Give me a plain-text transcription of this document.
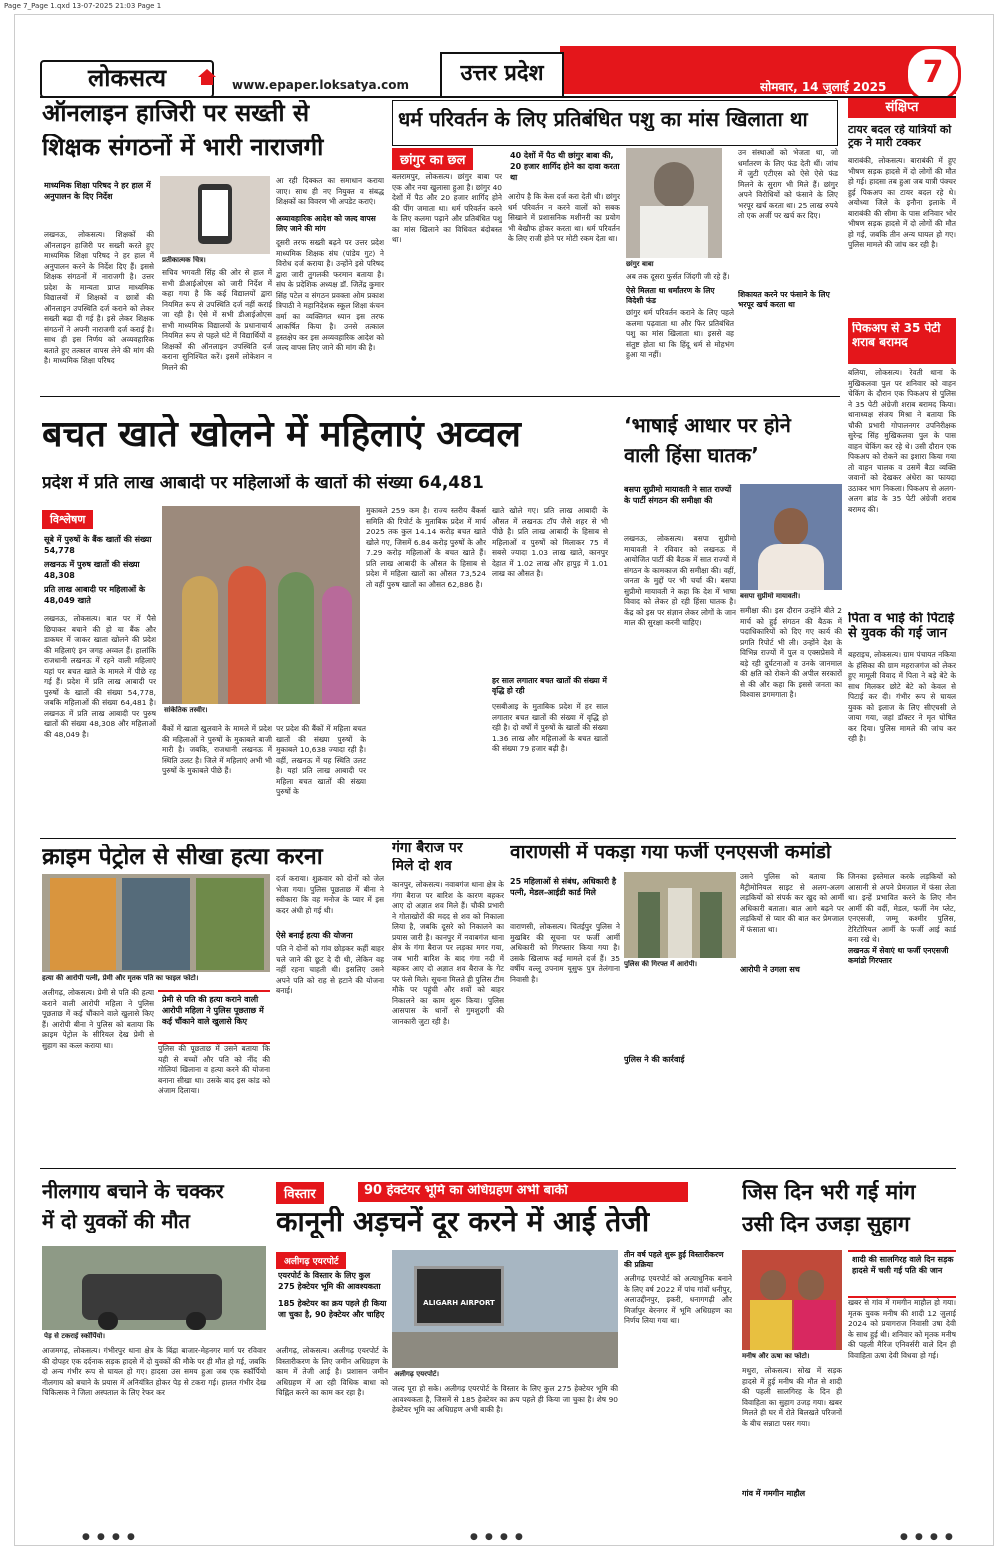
Page 7_Page 1.qxd 13-07-2025 21:03 Page 1
लोकसत्य	www.epaper.loksatya.com	उत्तर प्रदेश
सोमवार, 14 जुलाई 2025	7
ऑनलाइन हाजिरी पर सख्ती से
शिक्षक संगठनों में भारी नाराजगी
माध्यमिक शिक्षा परिषद ने हर हाल में अनुपालन के दिए निर्देश
प्रतीकात्मक चित्र।
लखनऊ, लोकसत्य। शिक्षकों की ऑनलाइन हाजिरी पर सख्ती करते हुए माध्यमिक शिक्षा परिषद ने हर हाल में अनुपालन करने के निर्देश दिए हैं। इससे शिक्षक संगठनों में नाराजगी है। उत्तर प्रदेश के मान्यता प्राप्त माध्यमिक विद्यालयों में शिक्षकों व छात्रों की ऑनलाइन उपस्थिति दर्ज कराने को लेकर सख्ती बढ़ा दी गई है। इसे लेकर शिक्षक संगठनों ने अपनी नाराजगी दर्ज कराई है। साथ ही इस निर्णय को अव्यवहारिक बताते हुए तत्काल वापस लेने की मांग की है। माध्यमिक शिक्षा परिषद
सचिव भगवती सिंह की ओर से हाल में सभी डीआईओएस को जारी निर्देश में कहा गया है कि कई विद्यालयों द्वारा नियमित रूप से उपस्थिति दर्ज नहीं कराई जा रही है। ऐसे में सभी डीआईओएस सभी माध्यमिक विद्यालयों के प्रधानाचार्य नियमित रूप से पहले घंटे में विद्यार्थियों व शिक्षकों की ऑनलाइन उपस्थिति दर्ज कराना सुनिश्चित करें। इसमें लोकेशन न मिलने की
आ रही दिक्कत का समाधान कराया जाए। साथ ही नए नियुक्त व संबद्ध शिक्षकों का विवरण भी अपडेट कराएं।
अव्यावहारिक आदेश को जल्द वापस लिए जाने की मांग
दूसरी तरफ सख्ती बढ़ने पर उत्तर प्रदेश माध्यमिक शिक्षक संघ (पांडेय गुट) ने विरोध दर्ज कराया है। उन्होंने इसे परिषद द्वारा जारी तुगलकी फरमान बताया है। संघ के प्रदेशिक अध्यक्ष डॉ. जितेंद्र कुमार सिंह पटेल व संगठन प्रवक्ता ओम प्रकाश त्रिपाठी ने महानिदेशक स्कूल शिक्षा कंचन वर्मा का व्यक्तिगत ध्यान इस तरफ आकर्षित किया है। उनसे तत्काल हस्तक्षेप कर इस अव्यवहारिक आदेश को जल्द वापस लिए जाने की मांग की है।
धर्म परिवर्तन के लिए प्रतिबंधित पशु का मांस खिलाता था
छांगुर का छल	40 देशों में पैठ थी छांगुर बाबा की, 20 हजार शार्गिद होने का दावा करता था
बलरामपुर, लोकसत्य। छांगुर बाबा पर एक और नया खुलासा हुआ है। छांगुर 40 देशों में पैठ और 20 हजार शार्गिद होने की पींग जमाता था। धर्म परिवर्तन करने के लिए कलमा पढ़ाने और प्रतिबंधित पशु का मांस खिलाने का विधिवत बंदोबस्त था।
आरोप है कि केस दर्ज करा देती थी। छांगुर धर्म परिवर्तन न करने वालों को सबक सिखाने में प्रशासनिक मशीनरी का प्रयोग भी बेखौफ होकर करता था। धर्म परिवर्तन के लिए राजी होने पर मोटी रकम देता था।
छांगुर बाबा
अब तक दूसरा फुर्सत जिंदगी जी रहे हैं।
ऐसे मिलता था धर्मांतरण के लिए विदेशी फंड
छांगुर धर्म परिवर्तन कराने के लिए पहले कलमा पढ़वाता था और फिर प्रतिबंधित पशु का मांस खिलाता था। इससे वह संतुष्ट होता था कि हिंदू धर्म से मोहभंग हुआ या नहीं।
उन संस्थाओं को भेजता था, जो धर्मांतरण के लिए फंड देती थीं। जांच में जुटी एटीएस को ऐसे ऐसे फंड मिलने के सुराग भी मिले हैं। छांगुर अपने विरोधियों को फंसाने के लिए भरपूर खर्च करता था। 25 लाख रुपये तो एक अर्जी पर खर्च कर दिए।
शिकायत करने पर फंसाने के लिए भरपूर खर्च करता था
संक्षिप्त
टायर बदल रहे यात्रियों को ट्रक ने मारी टक्कर
बाराबंकी, लोकसत्य। बाराबंकी में हुए भीषण सड़क हादसे में दो लोगों की मौत हो गई। हादसा तब हुआ जब यात्री पंक्चर हुई पिकअप का टायर बदल रहे थे। अयोध्या जिले के इनौना इलाके में बाराबंकी की सीमा के पास शनिवार भोर भीषण सड़क हादसे में दो लोगों की मौत हो गई, जबकि तीन अन्य घायल हो गए। पुलिस मामले की जांच कर रही है।
पिकअप से 35 पेटी शराब बरामद
बलिया, लोकसत्य। रेवती थाना के मुखिकलवा पुल पर शनिवार को वाहन चेकिंग के दौरान एक पिकअप से पुलिस ने 35 पेटी अंग्रेजी शराब बरामद किया। थानाध्यक्ष संजय मिश्रा ने बताया कि चौकी प्रभारी गोपालनगर उपनिरीक्षक सुरेन्द्र सिंह मुखिकलवा पुल के पास वाहन चेकिंग कर रहे थे। उसी दौरान एक पिकअप को रोकने का इशारा किया गया तो वाहन चालक व उसमें बैठा व्यक्ति जवानों को देखकर अंधेरा का फायदा उठाकर भाग निकला। पिकअप से अलग-अलग ब्रांड के 35 पेटी अंग्रेजी शराब बरामद की।
पिता व भाई की पिटाई से युवक की गई जान
बहराइच, लोकसत्य। ग्राम पंचायत नकिया के हंसिका की ग्राम महराजगंज को लेकर हुए मामूली विवाद में पिता ने बड़े बेटे के साथ मिलकर छोटे बेटे को केवल से पिटाई कर दी। गंभीर रूप से घायल युवक को इलाज के लिए सीएचसी ले जाया गया, जहां डॉक्टर ने मृत घोषित कर दिया। पुलिस मामले की जांच कर रही है।
बचत खाते खोलने में महिलाएं अव्वल
प्रदेश में प्रति लाख आबादी पर महिलाओं के खातों की संख्या 64,481
विश्लेषण
सूबे में पुरुषों के बैंक खातों की संख्या 54,778
लखनऊ में पुरुष खातों की संख्या 48,308
प्रति लाख आबादी पर महिलाओं के 48,049 खाते
लखनऊ, लोकसत्य। बात पर में पैसे छिपाकर बचाने की हो या बैंक और डाकघर में जाकर खाता खोलने की प्रदेश की महिलाएं इन जगह अव्वल हैं। हालांकि राजधानी लखनऊ में रहने वाली महिलाएं यहां पर बचत खाते के मामले में पीछे रह गई हैं। प्रदेश में प्रति लाख आबादी पर पुरुषों के खातों की संख्या 54,778, जबकि महिलाओं की संख्या 64,481 है। लखनऊ में प्रति लाख आबादी पर पुरुष खातों की संख्या 48,308 और महिलाओं की 48,049 है।
सांकेतिक तस्वीर।
बैंकों में खाता खुलवाने के मामले में प्रदेश की महिलाओं ने पुरुषों के मुकाबले बाजी मारी है। जबकि, राजधानी लखनऊ में स्थिति उलट है। जिले में महिलाएं अभी भी पुरुषों के मुकाबले पीछे हैं।
पर प्रदेश की बैंकों में महिला बचत खातों की संख्या पुरुषों के मुकाबले 10,638 ज्यादा रही है। वहीं, लखनऊ में यह स्थिति उलट है। यहां प्रति लाख आबादी पर महिला बचत खातों की संख्या पुरुषों के
मुकाबले 259 कम है। राज्य स्तरीय बैंकर्स समिति की रिपोर्ट के मुताबिक प्रदेश में मार्च 2025 तक कुल 14.14 करोड़ बचत खाते खोले गए, जिसमें 6.84 करोड़ पुरुषों के और 7.29 करोड़ महिलाओं के बचत खाते हैं। प्रति लाख आबादी के औसत के हिसाब से प्रदेश में महिला खातों का औसत 73,524 तो वहीं पुरुष खातों का औसत 62,886 है।
खाते खोले गए। प्रति लाख आबादी के औसत में लखनऊ टॉप जैसे शहर से भी पीछे है। प्रति लाख आबादी के हिसाब से महिलाओं व पुरुषों को मिलाकर 75 में सबसे ज्यादा 1.03 लाख खाते, कानपुर देहात में 1.02 लाख और हापुड़ में 1.01 लाख का औसत है।
हर साल लगातार बचत खातों की संख्या में वृद्धि हो रही
एसबीआइ के मुताबिक प्रदेश में हर साल लगातार बचत खातों की संख्या में वृद्धि हो रही है। दो वर्षों में पुरुषों के खातों की संख्या 1.36 लाख और महिलाओं के बचत खातों की संख्या 79 हजार बढ़ी है।
‘भाषाई आधार पर होने
वाली हिंसा घातक’
बसपा सुप्रीमो मायावती ने सात राज्यों के पार्टी संगठन की समीक्षा की
बसपा सुप्रीमो मायावती।
लखनऊ, लोकसत्य। बसपा सुप्रीमो मायावती ने रविवार को लखनऊ में आयोजित पार्टी की बैठक में सात राज्यों में संगठन के कामकाज की समीक्षा की। वहीं, जनता के मुद्दों पर भी चर्चा की। बसपा सुप्रीमो मायावती ने कहा कि देश में भाषा विवाद को लेकर हो रही हिंसा घातक है। केंद्र को इस पर संज्ञान लेकर लोगों के जान माल की सुरक्षा करनी चाहिए।
समीक्षा की। इस दौरान उन्होंने बीते 2 मार्च को हुई संगठन की बैठक में पदाधिकारियों को दिए गए कार्य की प्रगति रिपोर्ट भी ली। उन्होंने देश के विभिन्न राज्यों में पुल व एक्सप्रेसवे में बड़े रही दुर्घटनाओं व उनके जानमाल की क्षति को रोकने की अपील सरकारों से की और कहा कि इससे जनता का विश्वास डगमगाता है।
क्राइम पेट्रोल से सीखा हत्या करना
हत्या की आरोपी पत्नी, प्रेमी और मृतक पति का फाइल फोटो।
अलीगढ़, लोकसत्य। प्रेमी से पति की हत्या कराने वाली आरोपी महिला ने पुलिस पूछताछ में कई चौंकाने वाले खुलासे किए हैं। आरोपी बीना ने पुलिस को बताया कि क्राइम पेट्रोल के सीरियल देख प्रेमी से सुहाग का कत्ल कराया था।
प्रेमी से पति की हत्या कराने वाली आरोपी महिला ने पुलिस पूछताछ में कई चौंकाने वाले खुलासे किए
पुलिस की पूछताछ में उसने बताया कि यही से बच्चों और पति को नींद की गोलियां खिलाना व हत्या करने की योजना बनाना सीखा था। उसके बाद इस कांड को अंजाम दिलाया।
दर्ज कराया। शुक्रवार को दोनों को जेल भेजा गया। पुलिस पूछताछ में बीना ने स्वीकारा कि वह मनोज के प्यार में इस कदर अंधी हो गई थी।
ऐसे बनाई हत्या की योजना
पति ने दोनों को गांव छोड़कर कहीं बाहर चले जाने की छूट दे दी थी, लेकिन वह नहीं रहना चाहती थी। इसलिए उसने अपने पति को राह से हटाने की योजना बनाई।
गंगा बैराज पर
मिले दो शव
कानपुर, लोकसत्य। नवाबगंज थाना क्षेत्र के गंगा बैराज पर बारिश के कारण बहकर आए दो अज्ञात शव मिले हैं। चौकी प्रभारी ने गोताखोरों की मदद से शव को निकाला लिया है, जबकि दूसरे को निकालने का प्रयास जारी है। कानपुर में नवाबगंज थाना क्षेत्र के गंगा बैराज पर लड़का मगर गया, जब भारी बारिश के बाद गंगा नदी में बहकर आए दो अज्ञात शव बैराज के गेट पर फंसे मिले। सूचना मिलते ही पुलिस टीम मौके पर पहुंची और शवों को बाहर निकालने का काम शुरू किया। पुलिस आसपास के थानों से गुमशुदगी की जानकारी जुटा रही है।
वाराणसी में पकड़ा गया फर्जी एनएसजी कमांडो
25 महिलाओं से संबंध, अधिकारी है पत्नी, मेडल-आईडी कार्ड मिले
पुलिस की गिरफ्त में आरोपी।
वाराणसी, लोकसत्य। चितईपुर पुलिस ने मुखबिर की सूचना पर फर्जी आर्मी अधिकारी को गिरफ्तार किया गया है। उसके खिलाफ कई मामले दर्ज हैं। 35 वर्षीय वल्लू उपनाम यूसुफ पुत्र तेलंगाना निवासी है।
पुलिस ने की कार्रवाई
उसने पुलिस को बताया कि मैट्रीमोनियल साइट से अलग-अलग लड़कियों को संपर्क कर खुद को आर्मी अधिकारी बताता। बात आगे बढ़ने पर लड़कियों से प्यार की बात कर प्रेमजाल में फंसाता था।
आरोपी ने उगला सच
लखनऊ में सेवाएं था फर्जी एनएसजी कमांडो गिरफ्तार
जिनका इस्तेमाल करके लड़कियों को आसानी से अपने प्रेमजाल में फंसा लेता था। इन्हें प्रभावित करने के लिए नौन आर्मी की वर्दी, मेडल, फर्जी नेम प्लेट, एनएसजी, जम्मू कश्मीर पुलिस, टेरिटोरियल आर्मी के फर्जी आई कार्ड बना रखे थे।
नीलगाय बचाने के चक्कर
में दो युवकों की मौत
पेड़ से टकराई स्कॉर्पियो।
आजमगढ़, लोकसत्य। गंभीरपुर थाना क्षेत्र के बिंद्रा बाजार-मेहनगर मार्ग पर रविवार की दोपहर एक दर्दनाक सड़क हादसे में दो युवकों की मौके पर ही मौत हो गई, जबकि दो अन्य गंभीर रूप से घायल हो गए। हादसा उस समय हुआ जब एक स्कॉर्पियो नीलगाय को बचाने के प्रयास में अनियंत्रित होकर पेड़ से टकरा गई। हालत गंभीर देख चिकित्सक ने जिला अस्पताल के लिए रेफर कर
विस्तार	90 हेक्टेयर भूमि का अधिग्रहण अभी बाकी
कानूनी अड़चनें दूर करने में आई तेजी
अलीगढ़ एयरपोर्ट
एयरपोर्ट के विस्तार के लिए कुल 275 हेक्टेयर भूमि की आवश्यकता
185 हेक्टेयर का क्रय पहले ही किया जा चुका है, 90 हेक्टेयर और चाहिए
ALIGARH AIRPORT
अलीगढ़ एयरपोर्ट।
अलीगढ़, लोकसत्य। अलीगढ़ एयरपोर्ट के विस्तारीकरण के लिए जमीन अधिग्रहण के काम में तेजी आई है। प्रशासन जमीन अधिग्रहण में आ रही विधिक बाधा को चिह्नित करने का काम कर रहा है।	जल्द पूरा हो सके। अलीगढ़ एयरपोर्ट के विस्तार के लिए कुल 275 हेक्टेयर भूमि की आवश्यकता है, जिसमें से 185 हेक्टेयर का क्रय पहले ही किया जा चुका है। शेष 90 हेक्टेयर भूमि का अधिग्रहण अभी बाकी है।
तीन वर्ष पहले शुरू हुई विस्तारीकरण की प्रक्रिया
अलीगढ़ एयरपोर्ट को अत्याधुनिक बनाने के लिए वर्ष 2022 में पांच गांवों धनीपुर, अलाउद्दीनपुर, इकरी, धनागगढ़ी और मिर्जापुर बेरनगर में भूमि अधिग्रहण का निर्णय लिया गया था।
जिस दिन भरी गई मांग
उसी दिन उजड़ा सुहाग
मनीष और ऊषा का फोटो।
शादी की सालगिरह वाले दिन सड़क हादसे में चली गई पति की जान
मथुरा, लोकसत्य। सोख में सड़क हादसे में हुई मनीष की मौत से शादी की पहली सालगिरह के दिन ही विवाहिता का सुहाग उजड़ गया। खबर मिलते ही घर में रोते बिलखते परिजनों के बीच सन्नाटा पसर गया।
गांव में गमगीन माहौल
खबर से गांव में गमगीन माहौल हो गया। मृतक युवक मनीष की शादी 12 जुलाई 2024 को प्रयागराज निवासी उषा देवी के साथ हुई थी। शनिवार को मृतक मनीष की पहली मैरिज एनिवर्सरी वाले दिन ही विवाहिता ऊषा देवी विधवा हो गई।
● ● ● ●	● ● ● ●	● ● ● ●
